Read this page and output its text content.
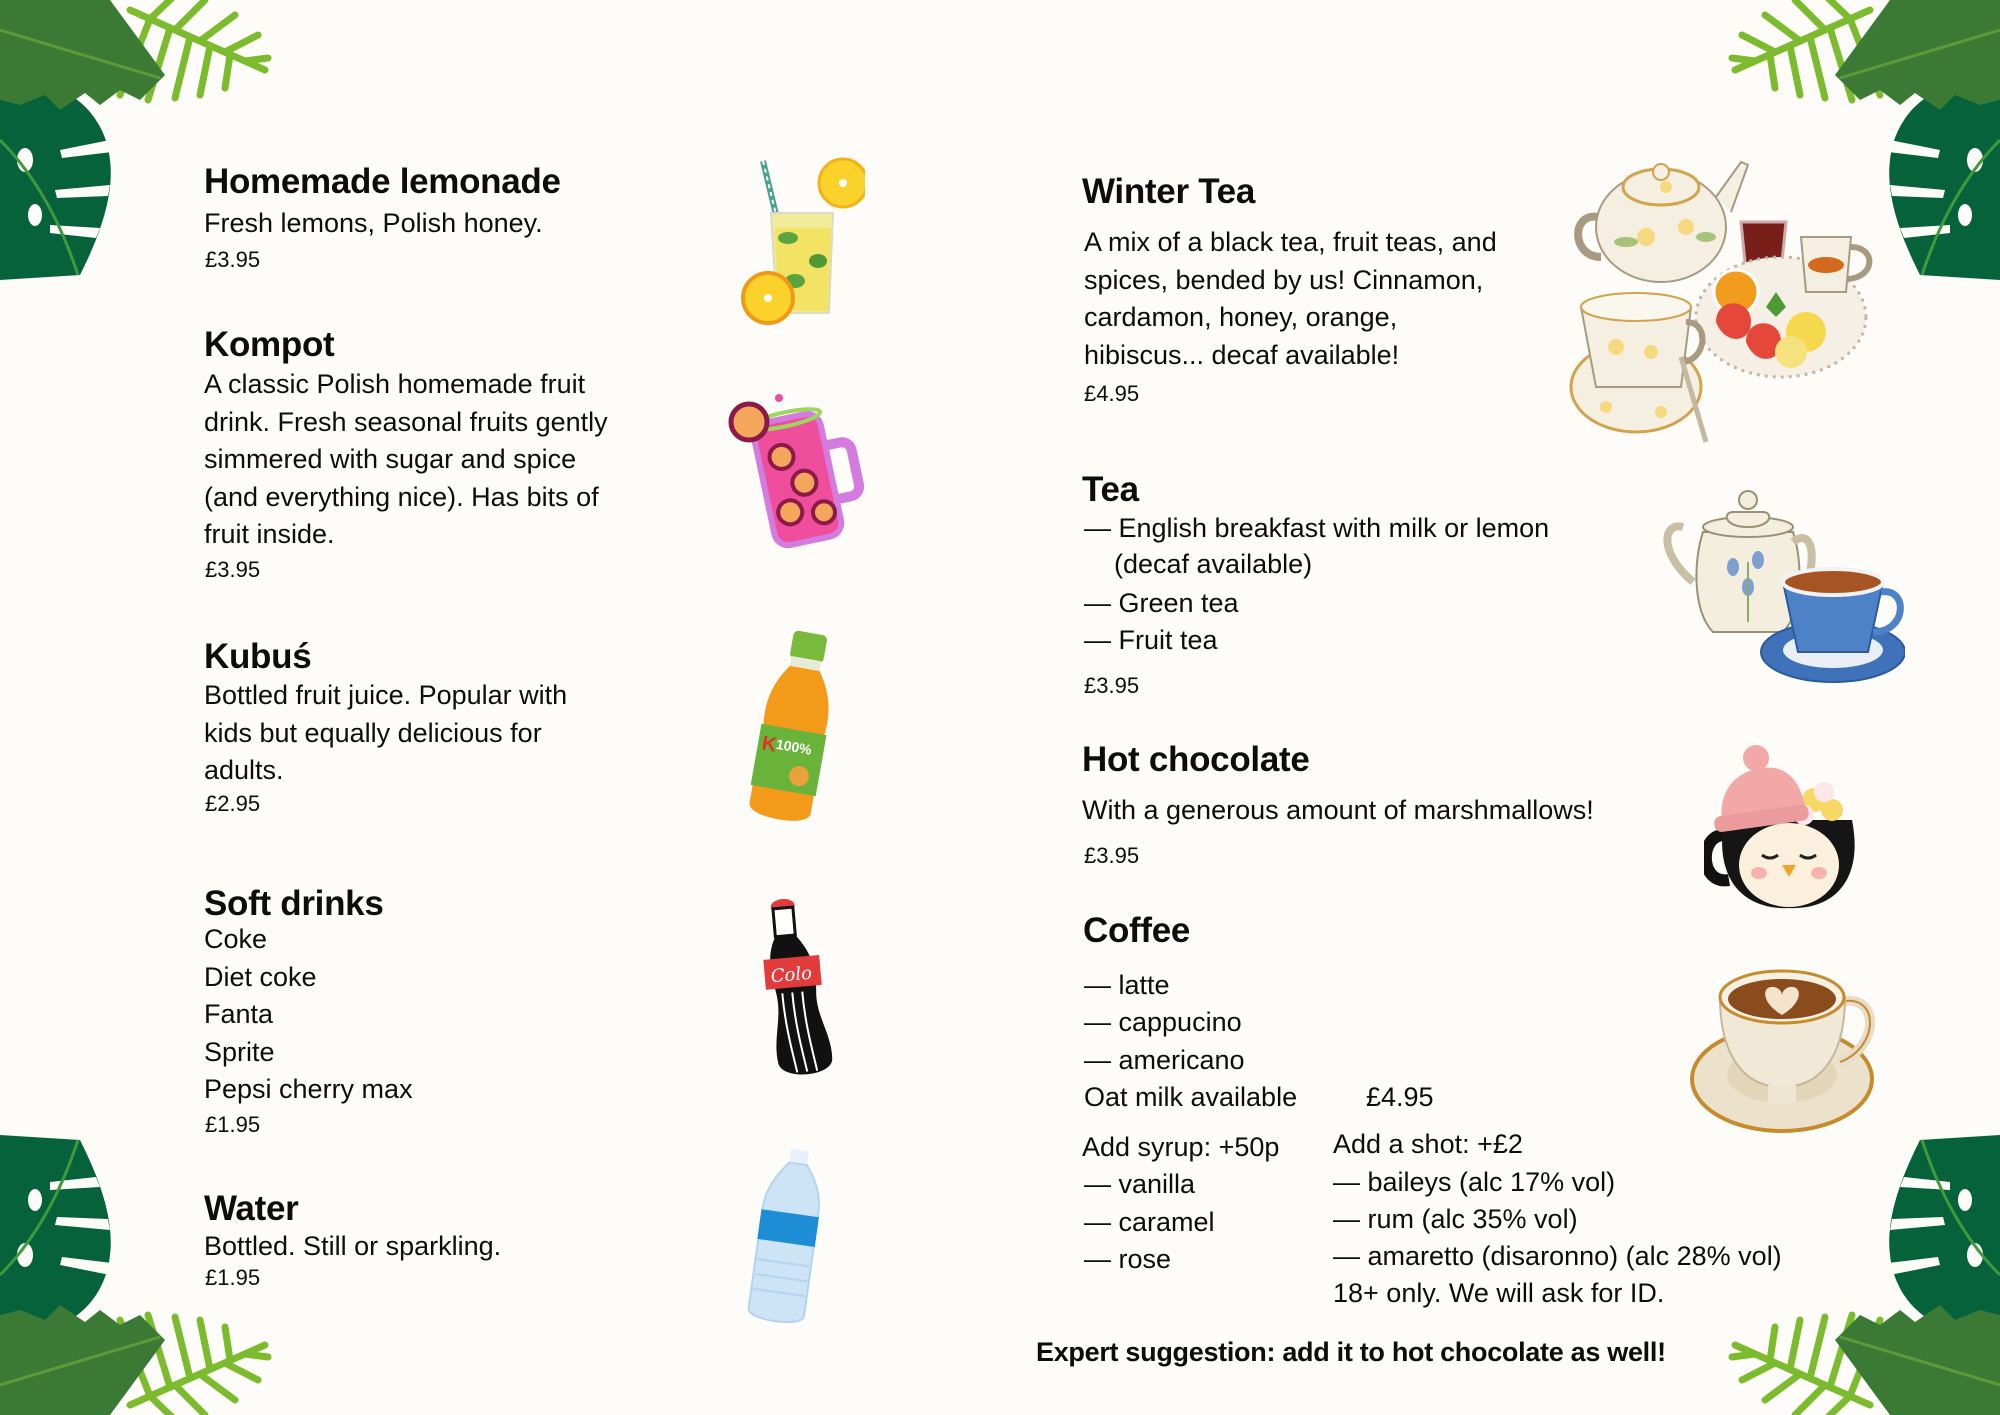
Homemade lemonade
Fresh lemons, Polish honey.
£3.95
Kompot
A classic Polish homemade fruit
drink. Fresh seasonal fruits gently
simmered with sugar and spice
(and everything nice). Has bits of
fruit inside.
£3.95
Kubuś
Bottled fruit juice. Popular with
kids but equally delicious for
adults.
£2.95
K
100%
Soft drinks
Coke
Diet coke
Fanta
Sprite
Pepsi cherry max
£1.95
Colo
Water
Bottled. Still or sparkling.
£1.95
Winter Tea
A mix of a black tea, fruit teas, and
spices, bended by us! Cinnamon,
cardamon, honey, orange,
hibiscus... decaf available!
£4.95
Tea
— English breakfast with milk or lemon
(decaf available)
— Green tea
— Fruit tea
£3.95
Hot chocolate
With a generous amount of marshmallows!
£3.95
Coffee
— latte
— cappucino
— americano
Oat milk available	£4.95
Add syrup: +50p
— vanilla
— caramel
— rose
Add a shot: +£2
— baileys (alc 17% vol)
— rum (alc 35% vol)
— amaretto (disaronno) (alc 28% vol)
18+ only. We will ask for ID.
Expert suggestion: add it to hot chocolate as well!
